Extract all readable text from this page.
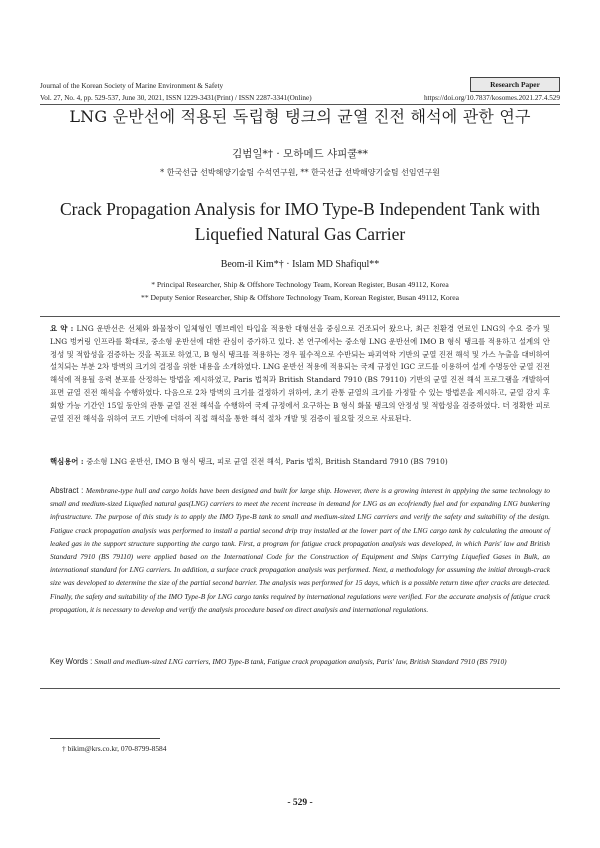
Journal of the Korean Society of Marine Environment & Safety	Research Paper
Vol. 27, No. 4, pp. 529-537, June 30, 2021, ISSN 1229-3431(Print) / ISSN 2287-3341(Online)	https://doi.org/10.7837/kosomes.2021.27.4.529
LNG 운반선에 적용된 독립형 탱크의 균열 진전 해석에 관한 연구
김범일*† · 모하메드 샤피쿨**
* 한국선급 선박해양기술팀 수석연구원, ** 한국선급 선박해양기술팀 선임연구원
Crack Propagation Analysis for IMO Type-B Independent Tank with
Liquefied Natural Gas Carrier
Beom-il Kim*† · Islam MD Shafiqul**
* Principal Researcher, Ship & Offshore Technology Team, Korean Register, Busan 49112, Korea
** Deputy Senior Researcher, Ship & Offshore Technology Team, Korean Register, Busan 49112, Korea
요 약 : LNG 운반선은 선체와 화물창이 일체형인 멤브레인 타입을 적용한 대형선을 중심으로 건조되어 왔으나, 최근 친환경 연료인 LNG의 수요 증가 및 LNG 벙커링 인프라를 확대로, 중소형 운반선에 대한 관심이 증가하고 있다. 본 연구에서는 중소형 LNG 운반선에 IMO B 형식 탱크를 적용하고 설계의 안정성 및 적합성을 검증하는 것을 목표로 하였고, B 형식 탱크를 적용하는 경우 필수적으로 수반되는 파괴역학 기반의 균열 진전 해석 및 가스 누출을 대비하여 설치되는 부분 2차 방벽의 크기의 결정을 위한 내용을 소개하였다. LNG 운반선 적용에 적용되는 국제 규정인 IGC 코드를 이용하여 설계 수명동안 균열 진전 해석에 적용될 응력 분포를 산정하는 방법을 제시하였고, Paris 법칙과 British Standard 7910 (BS 79110) 기반의 균열 진전 해석 프로그램을 개발하여 표면 균열 진전 해석을 수행하였다. 다음으로 2차 방벽의 크기를 결정하기 위하여, 초기 관통 균열의 크기를 가정할 수 있는 방법론을 제시하고, 균열 감지 후 회항 가능 기간인 15일 동안의 관통 균열 진전 해석을 수행하여 국제 규정에서 요구하는 B 형식 화물 탱크의 안정성 및 적합성을 검증하였다. 더 정확한 피로 균열 진전 해석을 위하여 코드 기반에 더하여 직접 해석을 통한 해석 절차 개발 및 검증이 필요할 것으로 사료된다.
핵심용어 : 중소형 LNG 운반선, IMO B 형식 탱크, 피로 균열 진전 해석, Paris 법칙, British Standard 7910 (BS 7910)
Abstract : Membrane-type hull and cargo holds have been designed and built for large ship. However, there is a growing interest in applying the same technology to small and medium-sized Liquefied natural gas(LNG) carriers to meet the recent increase in demand for LNG as an ecofriendly fuel and for expanding LNG bunkering infrastructure. The purpose of this study is to apply the IMO Type-B tank to small and medium-sized LNG carriers and verify the safety and suitability of the design. Fatigue crack propagation analysis was performed to install a partial second drip tray installed at the lower part of the LNG cargo tank by calculating the amount of leaked gas in the support structure supporting the cargo tank. First, a program for fatigue crack propagation analysis was developed, in which Paris' law and British Standard 7910 (BS 79110) were applied based on the International Code for the Construction of Equipment and Ships Carrying Liquefied Gases in Bulk, an international standard for LNG carriers. In addition, a surface crack propagation analysis was performed. Next, a methodology for assuming the initial through-crack size was developed to determine the size of the partial second barrier. The analysis was performed for 15 days, which is a possible return time after cracks are detected. Finally, the safety and suitability of the IMO Type-B for LNG cargo tanks required by international regulations were verified. For the accurate analysis of fatigue crack propagation, it is necessary to develop and verify the analysis procedure based on direct analysis and international regulations.
Key Words : Small and medium-sized LNG carriers, IMO Type-B tank, Fatigue crack propagation analysis, Paris' law, British Standard 7910 (BS 7910)
† bikim@krs.co.kr, 070-8799-8584
- 529 -
